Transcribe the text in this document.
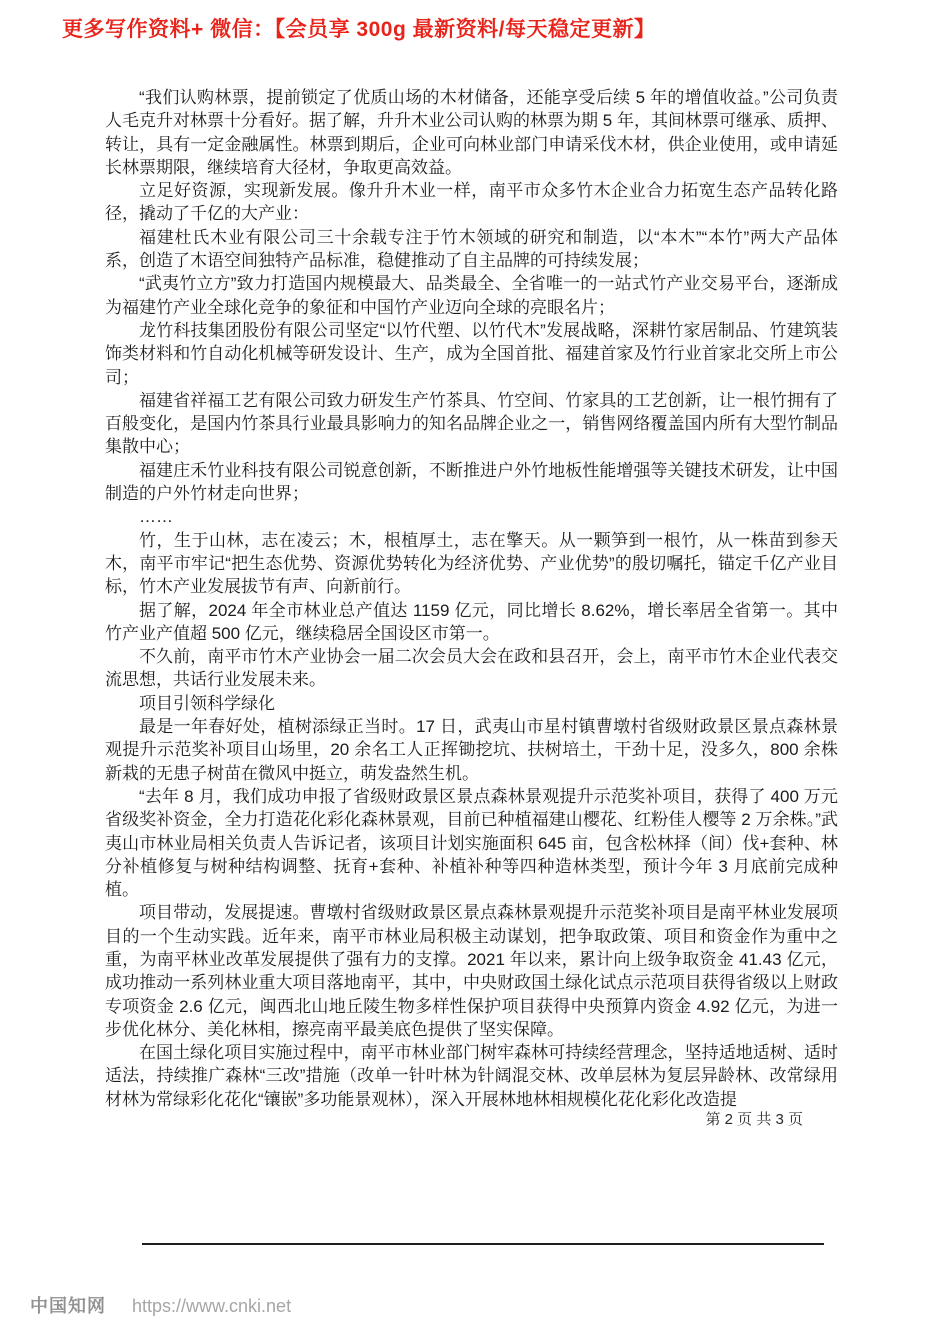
更多写作资料+ 微信：【会员享 300g 最新资料/每天稳定更新】

“我们认购林票，提前锁定了优质山场的木材储备，还能享受后续 5 年的增值收益。”公司负责人毛克升对林票十分看好。据了解，升升木业公司认购的林票为期 5 年，其间林票可继承、质押、转让，具有一定金融属性。林票到期后，企业可向林业部门申请采伐木材，供企业使用，或申请延长林票期限，继续培育大径材，争取更高效益。

立足好资源，实现新发展。像升升木业一样，南平市众多竹木企业合力拓宽生态产品转化路径，撬动了千亿的大产业：

福建杜氏木业有限公司三十余载专注于竹木领域的研究和制造，以“本木”“本竹”两大产品体系，创造了木语空间独特产品标准，稳健推动了自主品牌的可持续发展；

“武夷竹立方”致力打造国内规模最大、品类最全、全省唯一的一站式竹产业交易平台，逐渐成为福建竹产业全球化竞争的象征和中国竹产业迈向全球的亮眼名片；

龙竹科技集团股份有限公司坚定“以竹代塑、以竹代木”发展战略，深耕竹家居制品、竹建筑装饰类材料和竹自动化机械等研发设计、生产，成为全国首批、福建首家及竹行业首家北交所上市公司；

福建省祥福工艺有限公司致力研发生产竹茶具、竹空间、竹家具的工艺创新，让一根竹拥有了百般变化，是国内竹茶具行业最具影响力的知名品牌企业之一，销售网络覆盖国内所有大型竹制品集散中心；

福建庄禾竹业科技有限公司锐意创新，不断推进户外竹地板性能增强等关键技术研发，让中国制造的户外竹材走向世界；

……

竹，生于山林，志在凌云；木，根植厚土，志在擎天。从一颗笋到一根竹，从一株苗到参天木，南平市牢记“把生态优势、资源优势转化为经济优势、产业优势”的殷切嘱托，锚定千亿产业目标，竹木产业发展拔节有声、向新前行。

据了解，2024 年全市林业总产值达 1159 亿元，同比增长 8.62%，增长率居全省第一。其中竹产业产值超 500 亿元，继续稳居全国设区市第一。

不久前，南平市竹木产业协会一届二次会员大会在政和县召开，会上，南平市竹木企业代表交流思想，共话行业发展未来。

项目引领科学绿化

最是一年春好处，植树添绿正当时。17 日，武夷山市星村镇曹墩村省级财政景区景点森林景观提升示范奖补项目山场里，20 余名工人正挥锄挖坑、扶树培土，干劲十足，没多久，800 余株新栽的无患子树苗在微风中挺立，萌发盎然生机。

“去年 8 月，我们成功申报了省级财政景区景点森林景观提升示范奖补项目，获得了 400 万元省级奖补资金，全力打造花化彩化森林景观，目前已种植福建山樱花、红粉佳人樱等 2 万余株。”武夷山市林业局相关负责人告诉记者，该项目计划实施面积 645 亩，包含松林择（间）伐+套种、林分补植修复与树种结构调整、抚育+套种、补植补种等四种造林类型，预计今年 3 月底前完成种植。

项目带动，发展提速。曹墩村省级财政景区景点森林景观提升示范奖补项目是南平林业发展项目的一个生动实践。近年来，南平市林业局积极主动谋划，把争取政策、项目和资金作为重中之重，为南平林业改革发展提供了强有力的支撑。2021 年以来，累计向上级争取资金 41.43 亿元，成功推动一系列林业重大项目落地南平，其中，中央财政国土绿化试点示范项目获得省级以上财政专项资金 2.6 亿元，闽西北山地丘陵生物多样性保护项目获得中央预算内资金 4.92 亿元，为进一步优化林分、美化林相，擦亮南平最美底色提供了坚实保障。

在国土绿化项目实施过程中，南平市林业部门树牢森林可持续经营理念，坚持适地适树、适时适法，持续推广森林“三改”措施（改单一针叶林为针阔混交林、改单层林为复层异龄林、改常绿用材林为常绿彩化花化“镶嵌”多功能景观林），深入开展林地林相规模化花化彩化改造提

第 2 页 共 3 页
中国知网 https://www.cnki.net
